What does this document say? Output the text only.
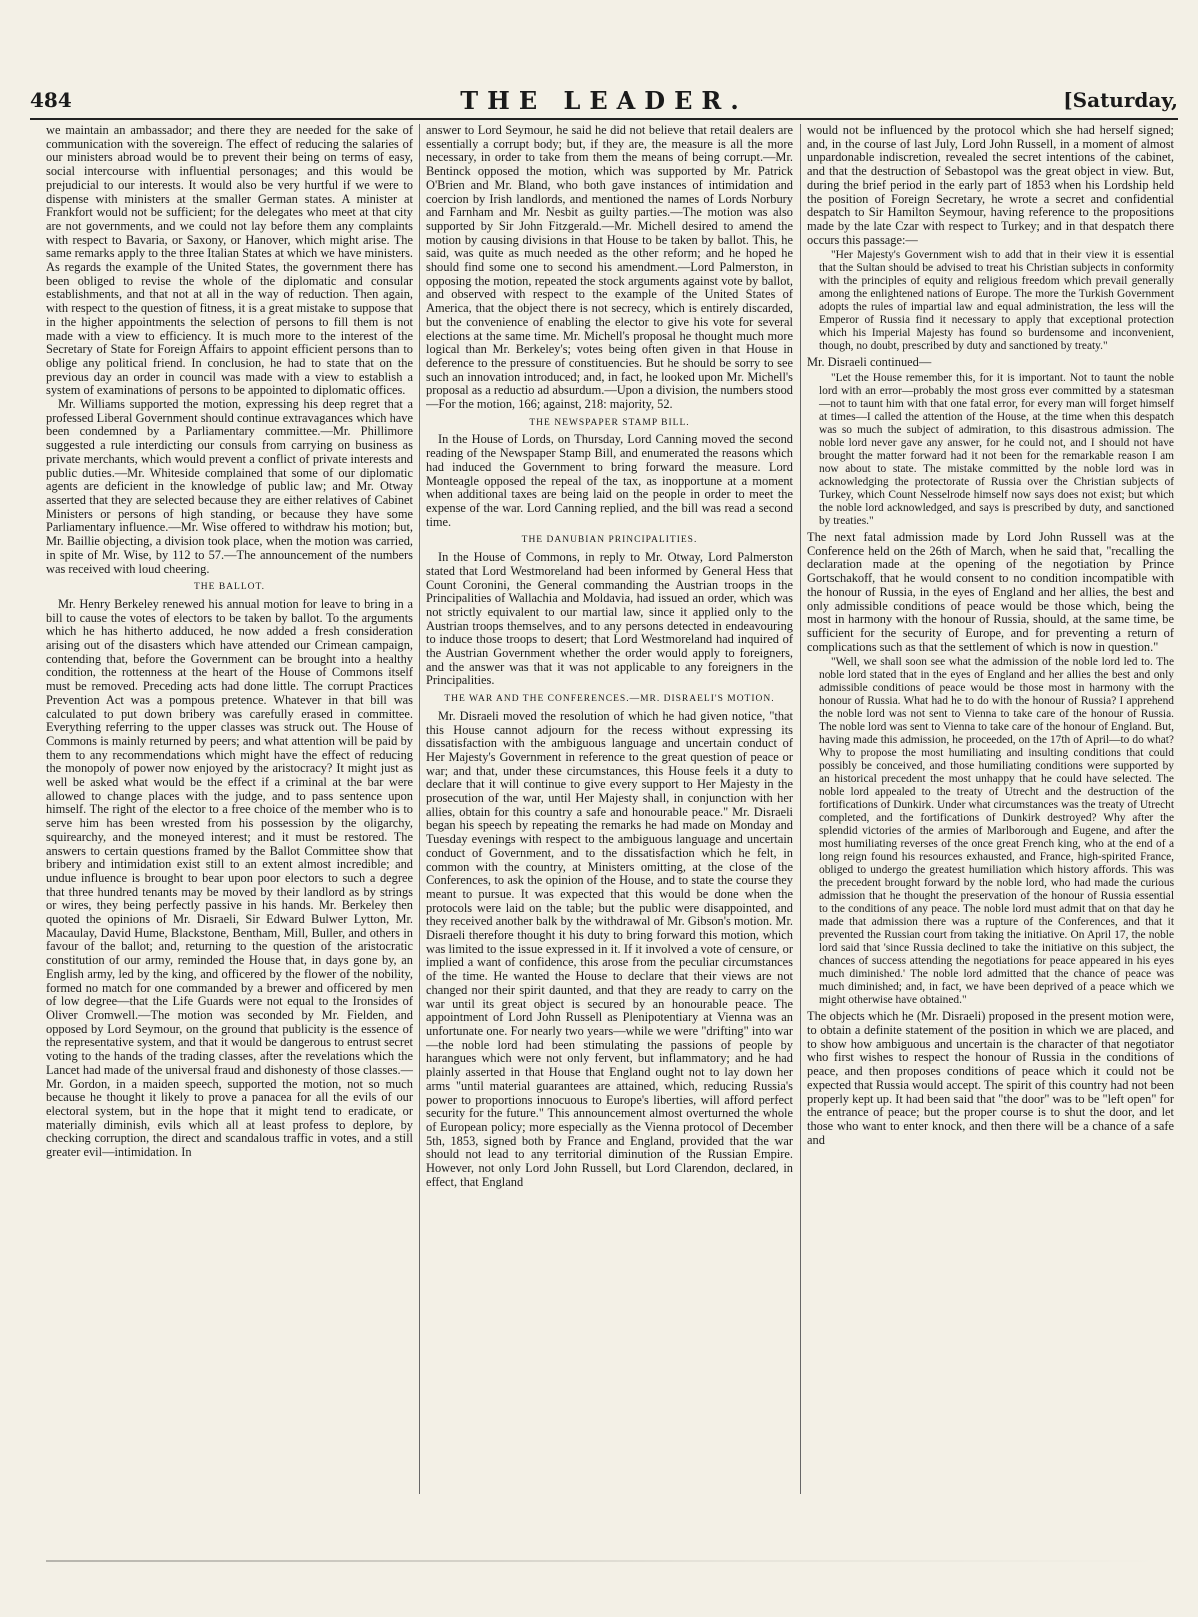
484	THE LEADER.	[Saturday,

we maintain an ambassador; and there they are needed for the sake of communication with the sovereign. The effect of reducing the salaries of our ministers abroad would be to prevent their being on terms of easy, social intercourse with influential personages; and this would be prejudicial to our interests. It would also be very hurtful if we were to dispense with ministers at the smaller German states. A minister at Frankfort would not be sufficient; for the delegates who meet at that city are not governments, and we could not lay before them any complaints with respect to Bavaria, or Saxony, or Hanover, which might arise. The same remarks apply to the three Italian States at which we have ministers. As regards the example of the United States, the government there has been obliged to revise the whole of the diplomatic and consular establishments, and that not at all in the way of reduction. Then again, with respect to the question of fitness, it is a great mistake to suppose that in the higher appointments the selection of persons to fill them is not made with a view to efficiency. It is much more to the interest of the Secretary of State for Foreign Affairs to appoint efficient persons than to oblige any political friend. In conclusion, he had to state that on the previous day an order in council was made with a view to establish a system of examinations of persons to be appointed to diplomatic offices.

Mr. Williams supported the motion, expressing his deep regret that a professed Liberal Government should continue extravagances which have been condemned by a Parliamentary committee.—Mr. Phillimore suggested a rule interdicting our consuls from carrying on business as private merchants, which would prevent a conflict of private interests and public duties.—Mr. Whiteside complained that some of our diplomatic agents are deficient in the knowledge of public law; and Mr. Otway asserted that they are selected because they are either relatives of Cabinet Ministers or persons of high standing, or because they have some Parliamentary influence.—Mr. Wise offered to withdraw his motion; but, Mr. Baillie objecting, a division took place, when the motion was carried, in spite of Mr. Wise, by 112 to 57.—The announcement of the numbers was received with loud cheering.

THE BALLOT.

Mr. Henry Berkeley renewed his annual motion for leave to bring in a bill to cause the votes of electors to be taken by ballot. To the arguments which he has hitherto adduced, he now added a fresh consideration arising out of the disasters which have attended our Crimean campaign, contending that, before the Government can be brought into a healthy condition, the rottenness at the heart of the House of Commons itself must be removed. Preceding acts had done little. The corrupt Practices Prevention Act was a pompous pretence. Whatever in that bill was calculated to put down bribery was carefully erased in committee. Everything referring to the upper classes was struck out. The House of Commons is mainly returned by peers; and what attention will be paid by them to any recommendations which might have the effect of reducing the monopoly of power now enjoyed by the aristocracy? It might just as well be asked what would be the effect if a criminal at the bar were allowed to change places with the judge, and to pass sentence upon himself. The right of the elector to a free choice of the member who is to serve him has been wrested from his possession by the oligarchy, squirearchy, and the moneyed interest; and it must be restored. The answers to certain questions framed by the Ballot Committee show that bribery and intimidation exist still to an extent almost incredible; and undue influence is brought to bear upon poor electors to such a degree that three hundred tenants may be moved by their landlord as by strings or wires, they being perfectly passive in his hands. Mr. Berkeley then quoted the opinions of Mr. Disraeli, Sir Edward Bulwer Lytton, Mr. Macaulay, David Hume, Blackstone, Bentham, Mill, Buller, and others in favour of the ballot; and, returning to the question of the aristocratic constitution of our army, reminded the House that, in days gone by, an English army, led by the king, and officered by the flower of the nobility, formed no match for one commanded by a brewer and officered by men of low degree—that the Life Guards were not equal to the Ironsides of Oliver Cromwell.—The motion was seconded by Mr. Fielden, and opposed by Lord Seymour, on the ground that publicity is the essence of the representative system, and that it would be dangerous to entrust secret voting to the hands of the trading classes, after the revelations which the Lancet had made of the universal fraud and dishonesty of those classes.—Mr. Gordon, in a maiden speech, supported the motion, not so much because he thought it likely to prove a panacea for all the evils of our electoral system, but in the hope that it might tend to eradicate, or materially diminish, evils which all at least profess to deplore, by checking corruption, the direct and scandalous traffic in votes, and a still greater evil—intimidation. In

answer to Lord Seymour, he said he did not believe that retail dealers are essentially a corrupt body; but, if they are, the measure is all the more necessary, in order to take from them the means of being corrupt.—Mr. Bentinck opposed the motion, which was supported by Mr. Patrick O'Brien and Mr. Bland, who both gave instances of intimidation and coercion by Irish landlords, and mentioned the names of Lords Norbury and Farnham and Mr. Nesbit as guilty parties.—The motion was also supported by Sir John Fitzgerald.—Mr. Michell desired to amend the motion by causing divisions in that House to be taken by ballot. This, he said, was quite as much needed as the other reform; and he hoped he should find some one to second his amendment.—Lord Palmerston, in opposing the motion, repeated the stock arguments against vote by ballot, and observed with respect to the example of the United States of America, that the object there is not secrecy, which is entirely discarded, but the convenience of enabling the elector to give his vote for several elections at the same time. Mr. Michell's proposal he thought much more logical than Mr. Berkeley's; votes being often given in that House in deference to the pressure of constituencies. But he should be sorry to see such an innovation introduced; and, in fact, he looked upon Mr. Michell's proposal as a reductio ad absurdum.—Upon a division, the numbers stood—For the motion, 166; against, 218: majority, 52.

THE NEWSPAPER STAMP BILL.

In the House of Lords, on Thursday, Lord Canning moved the second reading of the Newspaper Stamp Bill, and enumerated the reasons which had induced the Government to bring forward the measure. Lord Monteagle opposed the repeal of the tax, as inopportune at a moment when additional taxes are being laid on the people in order to meet the expense of the war. Lord Canning replied, and the bill was read a second time.

THE DANUBIAN PRINCIPALITIES.

In the House of Commons, in reply to Mr. Otway, Lord Palmerston stated that Lord Westmoreland had been informed by General Hess that Count Coronini, the General commanding the Austrian troops in the Principalities of Wallachia and Moldavia, had issued an order, which was not strictly equivalent to our martial law, since it applied only to the Austrian troops themselves, and to any persons detected in endeavouring to induce those troops to desert; that Lord Westmoreland had inquired of the Austrian Government whether the order would apply to foreigners, and the answer was that it was not applicable to any foreigners in the Principalities.

THE WAR AND THE CONFERENCES.—MR. DISRAELI'S MOTION.

Mr. Disraeli moved the resolution of which he had given notice, "that this House cannot adjourn for the recess without expressing its dissatisfaction with the ambiguous language and uncertain conduct of Her Majesty's Government in reference to the great question of peace or war; and that, under these circumstances, this House feels it a duty to declare that it will continue to give every support to Her Majesty in the prosecution of the war, until Her Majesty shall, in conjunction with her allies, obtain for this country a safe and honourable peace." Mr. Disraeli began his speech by repeating the remarks he had made on Monday and Tuesday evenings with respect to the ambiguous language and uncertain conduct of Government, and to the dissatisfaction which he felt, in common with the country, at Ministers omitting, at the close of the Conferences, to ask the opinion of the House, and to state the course they meant to pursue. It was expected that this would be done when the protocols were laid on the table; but the public were disappointed, and they received another balk by the withdrawal of Mr. Gibson's motion. Mr. Disraeli therefore thought it his duty to bring forward this motion, which was limited to the issue expressed in it. If it involved a vote of censure, or implied a want of confidence, this arose from the peculiar circumstances of the time. He wanted the House to declare that their views are not changed nor their spirit daunted, and that they are ready to carry on the war until its great object is secured by an honourable peace. The appointment of Lord John Russell as Plenipotentiary at Vienna was an unfortunate one. For nearly two years—while we were "drifting" into war—the noble lord had been stimulating the passions of people by harangues which were not only fervent, but inflammatory; and he had plainly asserted in that House that England ought not to lay down her arms "until material guarantees are attained, which, reducing Russia's power to proportions innocuous to Europe's liberties, will afford perfect security for the future." This announcement almost overturned the whole of European policy; more especially as the Vienna protocol of December 5th, 1853, signed both by France and England, provided that the war should not lead to any territorial diminution of the Russian Empire. However, not only Lord John Russell, but Lord Clarendon, declared, in effect, that England

would not be influenced by the protocol which she had herself signed; and, in the course of last July, Lord John Russell, in a moment of almost unpardonable indiscretion, revealed the secret intentions of the cabinet, and that the destruction of Sebastopol was the great object in view. But, during the brief period in the early part of 1853 when his Lordship held the position of Foreign Secretary, he wrote a secret and confidential despatch to Sir Hamilton Seymour, having reference to the propositions made by the late Czar with respect to Turkey; and in that despatch there occurs this passage:—

"Her Majesty's Government wish to add that in their view it is essential that the Sultan should be advised to treat his Christian subjects in conformity with the principles of equity and religious freedom which prevail generally among the enlightened nations of Europe. The more the Turkish Government adopts the rules of impartial law and equal administration, the less will the Emperor of Russia find it necessary to apply that exceptional protection which his Imperial Majesty has found so burdensome and inconvenient, though, no doubt, prescribed by duty and sanctioned by treaty."

Mr. Disraeli continued—

"Let the House remember this, for it is important. Not to taunt the noble lord with an error—probably the most gross ever committed by a statesman—not to taunt him with that one fatal error, for every man will forget himself at times—I called the attention of the House, at the time when this despatch was so much the subject of admiration, to this disastrous admission. The noble lord never gave any answer, for he could not, and I should not have brought the matter forward had it not been for the remarkable reason I am now about to state. The mistake committed by the noble lord was in acknowledging the protectorate of Russia over the Christian subjects of Turkey, which Count Nesselrode himself now says does not exist; but which the noble lord acknowledged, and says is prescribed by duty, and sanctioned by treaties."

The next fatal admission made by Lord John Russell was at the Conference held on the 26th of March, when he said that, "recalling the declaration made at the opening of the negotiation by Prince Gortschakoff, that he would consent to no condition incompatible with the honour of Russia, in the eyes of England and her allies, the best and only admissible conditions of peace would be those which, being the most in harmony with the honour of Russia, should, at the same time, be sufficient for the security of Europe, and for preventing a return of complications such as that the settlement of which is now in question."

"Well, we shall soon see what the admission of the noble lord led to. The noble lord stated that in the eyes of England and her allies the best and only admissible conditions of peace would be those most in harmony with the honour of Russia. What had he to do with the honour of Russia? I apprehend the noble lord was not sent to Vienna to take care of the honour of Russia. The noble lord was sent to Vienna to take care of the honour of England. But, having made this admission, he proceeded, on the 17th of April—to do what? Why to propose the most humiliating and insulting conditions that could possibly be conceived, and those humiliating conditions were supported by an historical precedent the most unhappy that he could have selected. The noble lord appealed to the treaty of Utrecht and the destruction of the fortifications of Dunkirk. Under what circumstances was the treaty of Utrecht completed, and the fortifications of Dunkirk destroyed? Why after the splendid victories of the armies of Marlborough and Eugene, and after the most humiliating reverses of the once great French king, who at the end of a long reign found his resources exhausted, and France, high-spirited France, obliged to undergo the greatest humiliation which history affords. This was the precedent brought forward by the noble lord, who had made the curious admission that he thought the preservation of the honour of Russia essential to the conditions of any peace. The noble lord must admit that on that day he made that admission there was a rupture of the Conferences, and that it prevented the Russian court from taking the initiative. On April 17, the noble lord said that 'since Russia declined to take the initiative on this subject, the chances of success attending the negotiations for peace appeared in his eyes much diminished.' The noble lord admitted that the chance of peace was much diminished; and, in fact, we have been deprived of a peace which we might otherwise have obtained."

The objects which he (Mr. Disraeli) proposed in the present motion were, to obtain a definite statement of the position in which we are placed, and to show how ambiguous and uncertain is the character of that negotiator who first wishes to respect the honour of Russia in the conditions of peace, and then proposes conditions of peace which it could not be expected that Russia would accept. The spirit of this country had not been properly kept up. It had been said that "the door" was to be "left open" for the entrance of peace; but the proper course is to shut the door, and let those who want to enter knock, and then there will be a chance of a safe and
